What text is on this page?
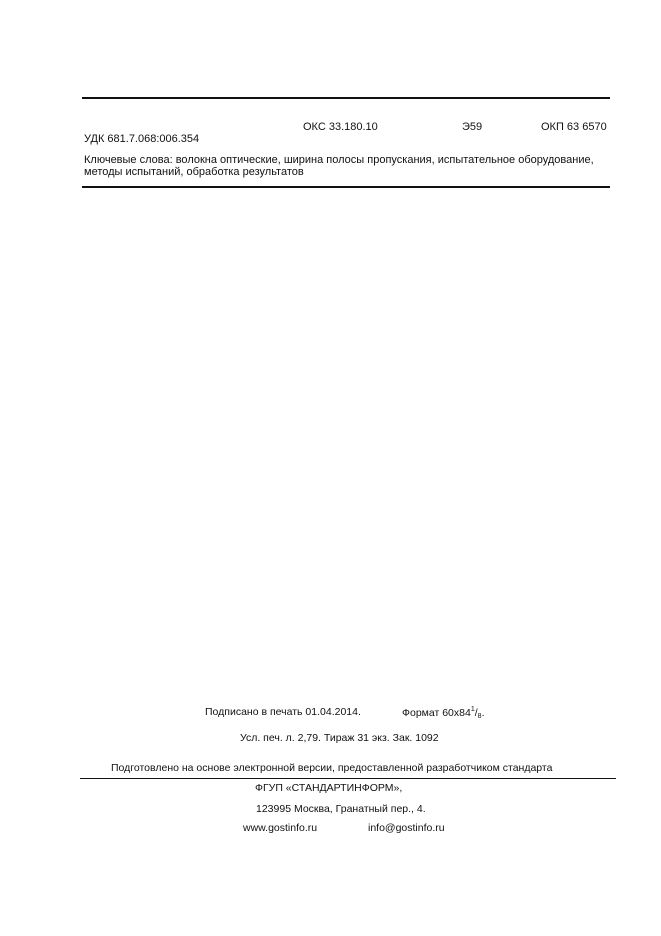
ОКС 33.180.10	Э59	ОКП 63 6570
УДК 681.7.068:006.354
Ключевые слова: волокна оптические, ширина полосы пропускания, испытательное оборудование,
методы испытаний, обработка результатов
Подписано в печать 01.04.2014.	Формат $60х84^1/_8$.
Усл. печ. л. 2,79. Тираж 31 экз. Зак. 1092
Подготовлено на основе электронной версии, предоставленной разработчиком стандарта
ФГУП «СТАНДАРТИНФОРМ»,
123995 Москва, Гранатный пер., 4.
www.gostinfo.ru	info@gostinfo.ru
